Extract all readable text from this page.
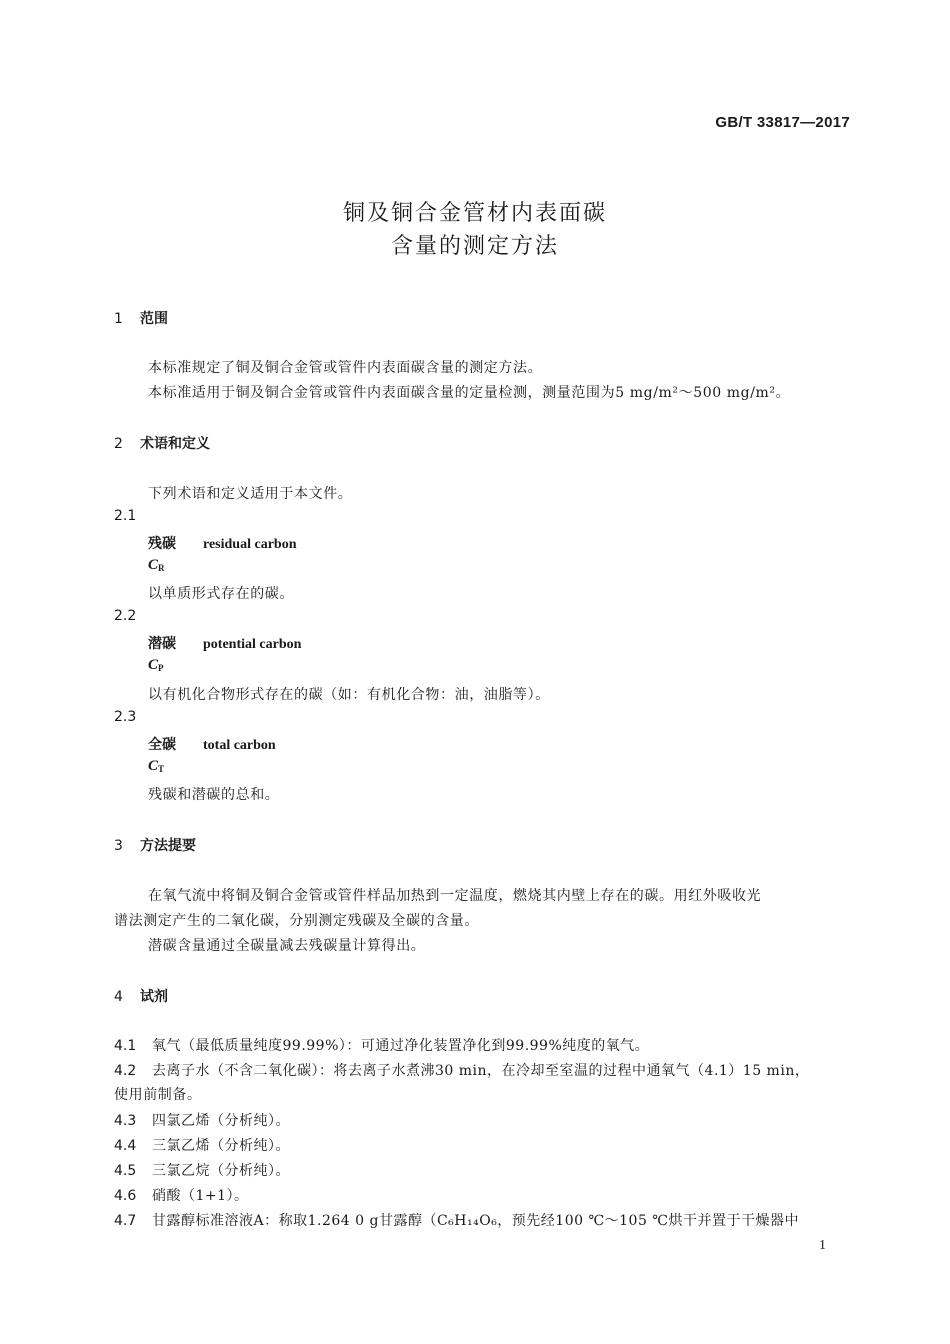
GB/T 33817—2017
铜及铜合金管材内表面碳
含量的测定方法
1 范围
本标准规定了铜及铜合金管或管件内表面碳含量的测定方法。
本标准适用于铜及铜合金管或管件内表面碳含量的定量检测，测量范围为5 mg/m²～500 mg/m²。
2 术语和定义
下列术语和定义适用于本文件。
2.1
残碳 residual carbon
$C_R$
以单质形式存在的碳。
2.2
潜碳 potential carbon
$C_P$
以有机化合物形式存在的碳（如：有机化合物：油，油脂等）。
2.3
全碳 total carbon
$C_T$
残碳和潜碳的总和。
3 方法提要
在氧气流中将铜及铜合金管或管件样品加热到一定温度，燃烧其内壁上存在的碳。用红外吸收光
谱法测定产生的二氧化碳，分别测定残碳及全碳的含量。
潜碳含量通过全碳量减去残碳量计算得出。
4 试剂
4.1 氧气（最低质量纯度99.99%）：可通过净化装置净化到99.99%纯度的氧气。
4.2 去离子水（不含二氧化碳）：将去离子水煮沸30 min，在冷却至室温的过程中通氧气（4.1）15 min，
使用前制备。
4.3 四氯乙烯（分析纯）。
4.4 三氯乙烯（分析纯）。
4.5 三氯乙烷（分析纯）。
4.6 硝酸（1+1）。
4.7 甘露醇标准溶液A：称取1.264 0 g甘露醇（C₆H₁₄O₆，预先经100 ℃～105 ℃烘干并置于干燥器中
1
